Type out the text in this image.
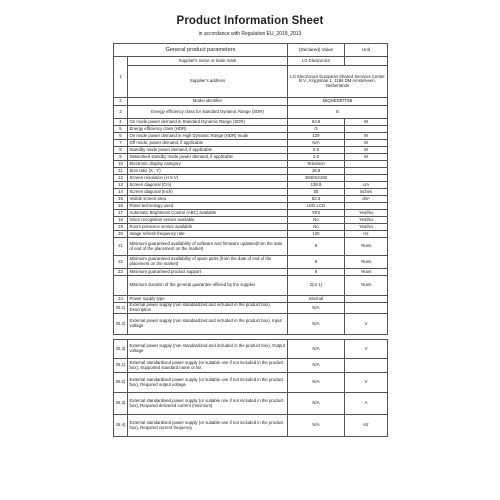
Product Information Sheet
in accordance with Regulation EU_2019_2013
General product parameters		(Declared) Value	Unit
1	Supplier's name or trade mark	LG Electronics	
	Supplier's address	LG Electronics European Shared Services Center B.V., Krijgsman 1, 1186 DM Amstelveen, Netherlands	
2	Model identifier	55QNED87T6B	
3	Energy efficiency class for standard Dynamic Range (SDR)	E	
4	On mode power demand in Standard Dynamic Range (SDR)	63.9	W
5	Energy efficiency class (HDR)	G	
6	On mode power demand in High Dynamic Range (HDR) mode	129	W
7	Off mode, power demand, if applicable	N/A	W
8	Standby mode power demand, if applicable	0.5	W
9	Networked standby mode power demand, if applicable	2.0	W
10	Electronic display category	Televison	
11	Size ratio (X : Y)	16:9	
12	Screen resolution (H X V)	3840X2160	
13	Screen diagonal (Cm)	138.8	cm
14	Screen diagonal (Inch)	55	inches
15	Visible screen area	82.3	dm²
16	Panel technology used	LED LCD	
17	Automatic Brightness Control (ABC) available	YES	Yes/No
18	Voice recognition sensor available	No	Yes/No
19	Room presence sensor available	No	Yes/No
20	Image refresh frequency rate	120	Hz
21	Minimum guaranteed availability of software and firmware updates(from the date of end of the placement on the market)	8	Years
22	Minimum guaranteed availability of spare parts (from the date of end of the placement on the market)	8	Years
23	Minimum guaranteed product support	8	Years
	Minimum duration of the general guarantee offered by the supplier	2(or 1)	Years
24	Power supply type	Internal	
25.1)	External power supply (non standardized and included in the product box), Description	N/A	
25.2)	External power supply (non standardized and included in the product box), Input voltage	N/A	V

25.3)	External power supply (non standardized and included in the product box), Output voltage	N/A	V
26.1)	External standardised power supply (or suitable one if not included in the product box), Supported standard name or list	N/A	
26.2)	External standardised power supply (or suitable one if not included in the product box), Required output voltage	N/A	V
26.3)	External standardised power supply (or suitable one if not included in the product box), Required delivered current (minimum)	N/A	A
26.4)	External standardised power supply (or suitable one if not included in the product box), Required current frequency	N/A	Hz
